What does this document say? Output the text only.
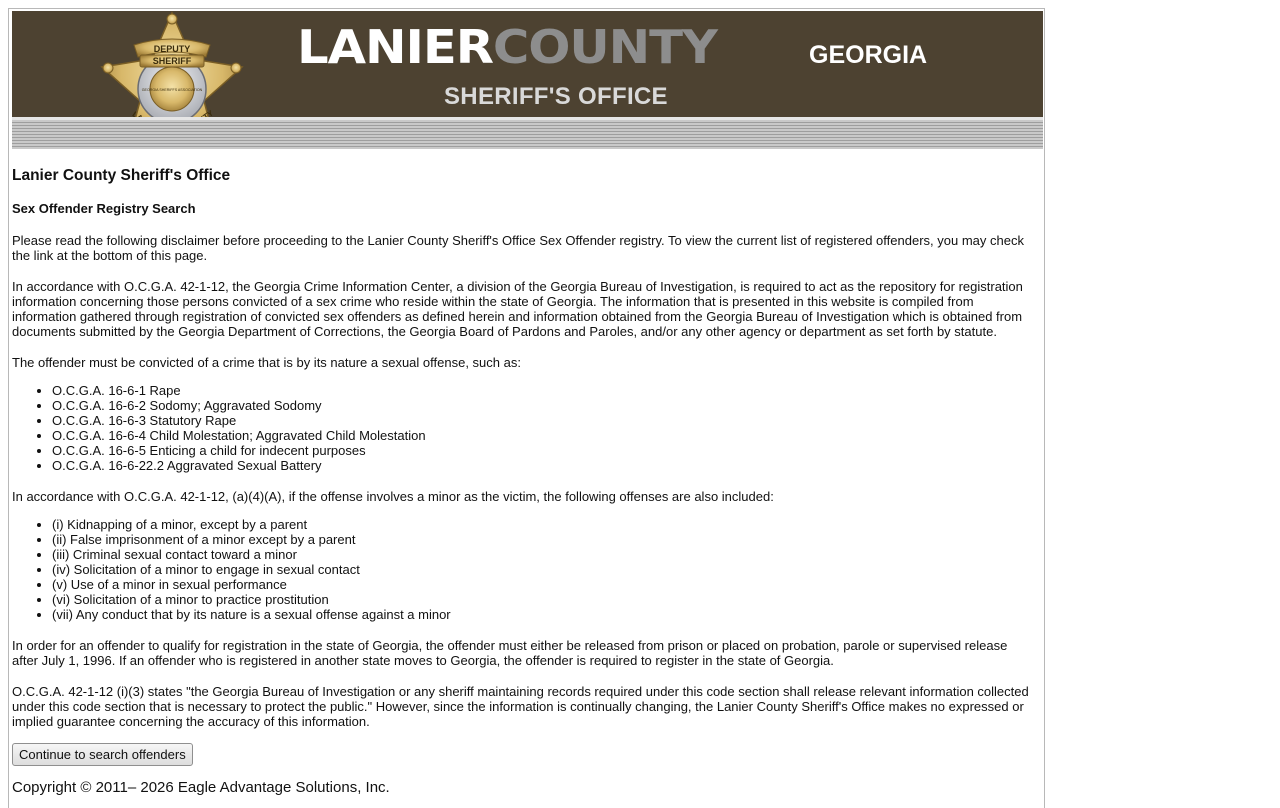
DEPUTY
SHERIFF
GEORGIA SHERIFFS ASSOCIATION
LANIERCOUNTY	GEORGIA
SHERIFF'S OFFICE
Lanier County Sheriff's Office
Sex Offender Registry Search

Please read the following disclaimer before proceeding to the Lanier County Sheriff's Office Sex Offender registry. To view the current list of registered offenders, you may check the link at the bottom of this page.

In accordance with O.C.G.A. 42-1-12, the Georgia Crime Information Center, a division of the Georgia Bureau of Investigation, is required to act as the repository for registration information concerning those persons convicted of a sex crime who reside within the state of Georgia. The information that is presented in this website is compiled from information gathered through registration of convicted sex offenders as defined herein and information obtained from the Georgia Bureau of Investigation which is obtained from documents submitted by the Georgia Department of Corrections, the Georgia Board of Pardons and Paroles, and/or any other agency or department as set forth by statute.

The offender must be convicted of a crime that is by its nature a sexual offense, such as:

• O.C.G.A. 16-6-1 Rape
• O.C.G.A. 16-6-2 Sodomy; Aggravated Sodomy
• O.C.G.A. 16-6-3 Statutory Rape
• O.C.G.A. 16-6-4 Child Molestation; Aggravated Child Molestation
• O.C.G.A. 16-6-5 Enticing a child for indecent purposes
• O.C.G.A. 16-6-22.2 Aggravated Sexual Battery

In accordance with O.C.G.A. 42-1-12, (a)(4)(A), if the offense involves a minor as the victim, the following offenses are also included:

• (i) Kidnapping of a minor, except by a parent
• (ii) False imprisonment of a minor except by a parent
• (iii) Criminal sexual contact toward a minor
• (iv) Solicitation of a minor to engage in sexual contact
• (v) Use of a minor in sexual performance
• (vi) Solicitation of a minor to practice prostitution
• (vii) Any conduct that by its nature is a sexual offense against a minor

In order for an offender to qualify for registration in the state of Georgia, the offender must either be released from prison or placed on probation, parole or supervised release after July 1, 1996. If an offender who is registered in another state moves to Georgia, the offender is required to register in the state of Georgia.

O.C.G.A. 42-1-12 (i)(3) states "the Georgia Bureau of Investigation or any sheriff maintaining records required under this code section shall release relevant information collected under this code section that is necessary to protect the public." However, since the information is continually changing, the Lanier County Sheriff's Office makes no expressed or implied guarantee concerning the accuracy of this information.

Continue to search offenders
Copyright © 2011– 2026 Eagle Advantage Solutions, Inc.
